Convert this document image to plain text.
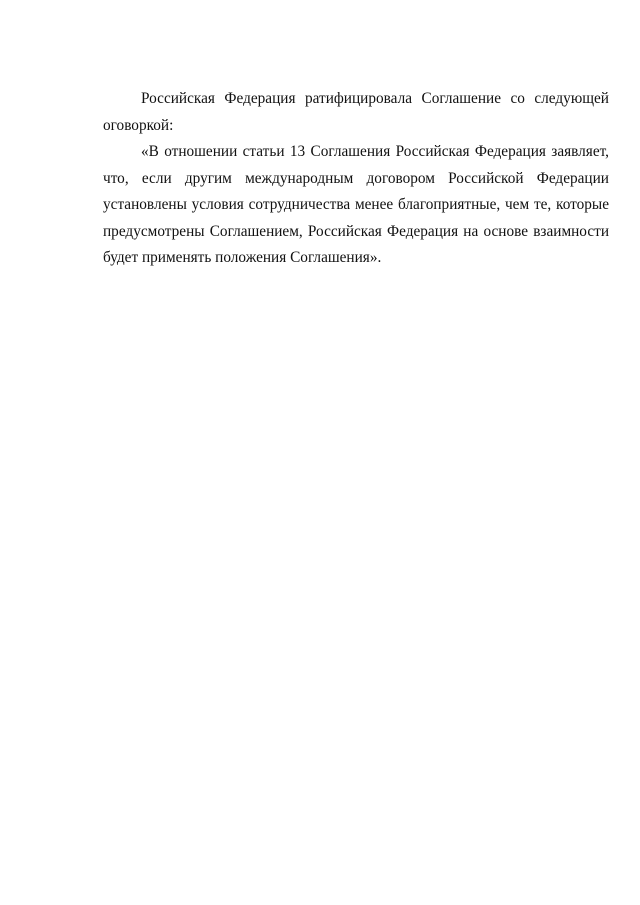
Российская Федерация ратифицировала Соглашение со следующей оговоркой:

«В отношении статьи 13 Соглашения Российская Федерация заявляет, что, если другим международным договором Российской Федерации установлены условия сотрудничества менее благоприятные, чем те, которые предусмотрены Соглашением, Российская Федерация на основе взаимности будет применять положения Соглашения».
